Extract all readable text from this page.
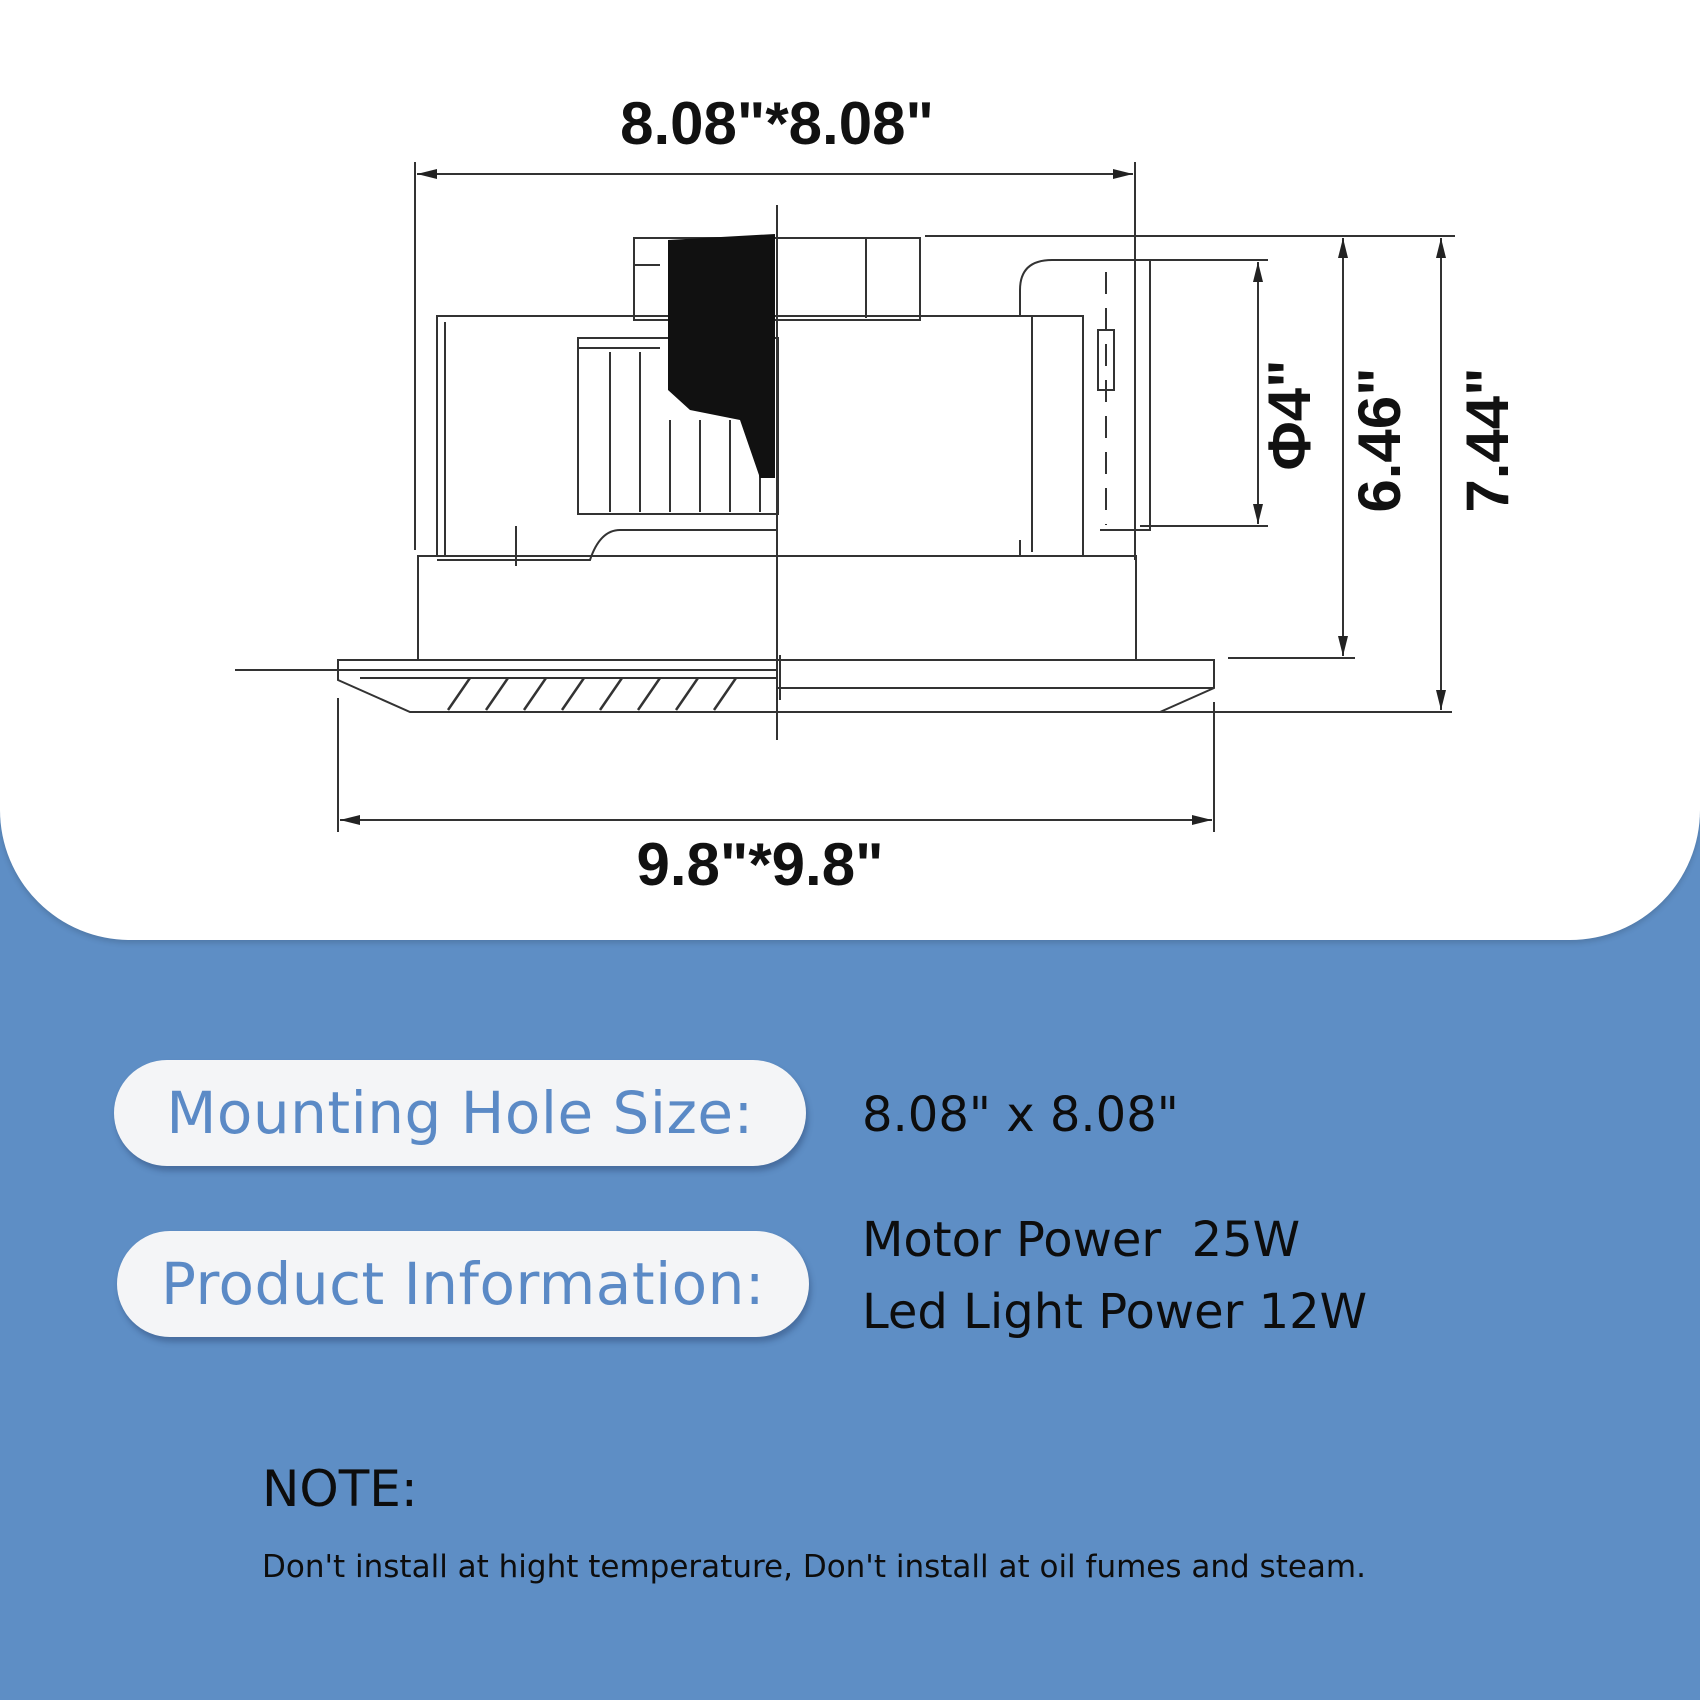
8.08"*8.08"
9.8"*9.8"
Φ4" 6.46" 7.44"
Mounting Hole Size:	8.08" x 8.08"
Product Information:
Motor Power  25W
Led Light Power 12W
NOTE:
Don't install at hight temperature, Don't install at oil fumes and steam.
